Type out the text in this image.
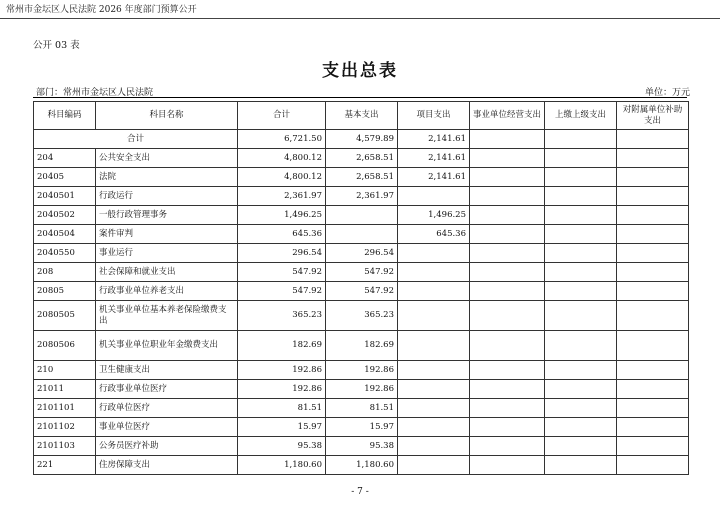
常州市金坛区人民法院 2026 年度部门预算公开
公开 03 表
支出总表
部门：常州市金坛区人民法院	单位：万元
科目编码	科目名称	合计	基本支出	项目支出	事业单位经营支出	上缴上级支出	对附属单位补助支出
合计		6,721.50	4,579.89	2,141.61			
204	公共安全支出	4,800.12	2,658.51	2,141.61			
20405	法院	4,800.12	2,658.51	2,141.61			
2040501	行政运行	2,361.97	2,361.97				
2040502	一般行政管理事务	1,496.25		1,496.25			
2040504	案件审判	645.36		645.36			
2040550	事业运行	296.54	296.54				
208	社会保障和就业支出	547.92	547.92				
20805	行政事业单位养老支出	547.92	547.92				
2080505	机关事业单位基本养老保险缴费支出	365.23	365.23				
2080506	机关事业单位职业年金缴费支出	182.69	182.69				
210	卫生健康支出	192.86	192.86				
21011	行政事业单位医疗	192.86	192.86				
2101101	行政单位医疗	81.51	81.51				
2101102	事业单位医疗	15.97	15.97				
2101103	公务员医疗补助	95.38	95.38				
221	住房保障支出	1,180.60	1,180.60				
- 7 -
